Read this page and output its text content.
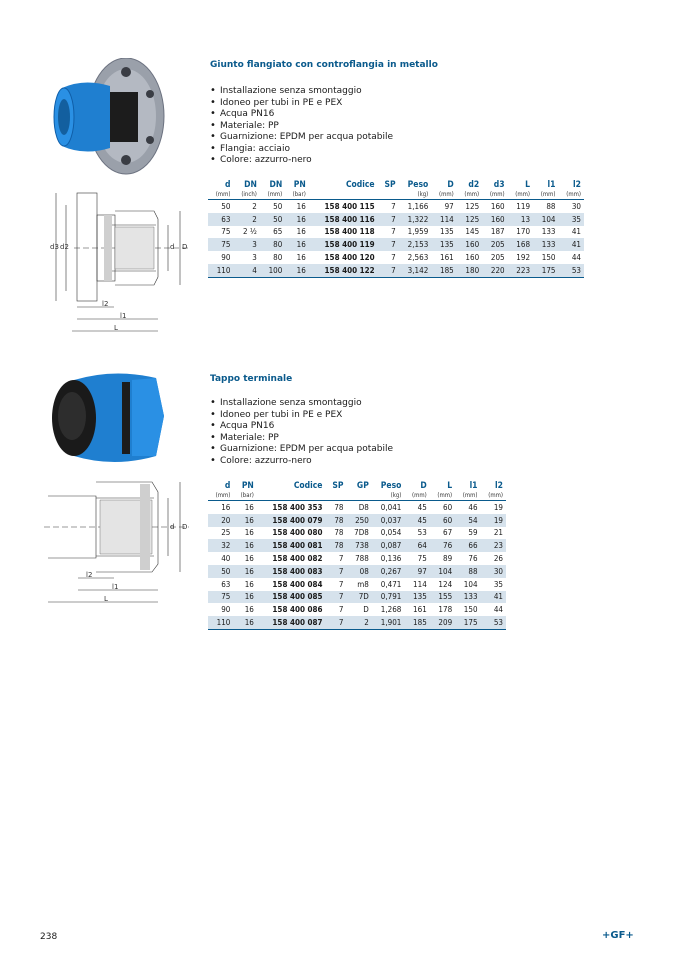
d3 d2	d D
l2
l1
L
Giunto flangiato con controflangia in metallo
• Installazione senza smontaggio
• Idoneo per tubi in PE e PEX
• Acqua PN16
• Materiale: PP
• Guarnizione: EPDM per acqua potabile
• Flangia: acciaio
• Colore: azzurro-nero
d	DN	DN	PN	Codice	SP	Peso	D	d2	d3	L	l1	l2
(mm)	(inch)	(mm)	(bar)			(kg)	(mm)	(mm)	(mm)	(mm)	(mm)	(mm)
50	2	50	16	158 400 115	7	1,166	97	125	160	119	88	30
63	2	50	16	158 400 116	7	1,322	114	125	160	13	104	35
75	2 ½	65	16	158 400 118	7	1,959	135	145	187	170	133	41
75	3	80	16	158 400 119	7	2,153	135	160	205	168	133	41
90	3	80	16	158 400 120	7	2,563	161	160	205	192	150	44
110	4	100	16	158 400 122	7	3,142	185	180	220	223	175	53
d D
l2
l1
L
Tappo terminale
• Installazione senza smontaggio
• Idoneo per tubi in PE e PEX
• Acqua PN16
• Materiale: PP
• Guarnizione: EPDM per acqua potabile
• Colore: azzurro-nero
d	PN	Codice	SP	GP	Peso	D	L	l1	l2
(mm)	(bar)				(kg)	(mm)	(mm)	(mm)	(mm)
16	16	158 400 353	78	D8	0,041	45	60	46	19
20	16	158 400 079	78	250	0,037	45	60	54	19
25	16	158 400 080	78	7D8	0,054	53	67	59	21
32	16	158 400 081	78	738	0,087	64	76	66	23
40	16	158 400 082	7	788	0,136	75	89	76	26
50	16	158 400 083	7	08	0,267	97	104	88	30
63	16	158 400 084	7	m8	0,471	114	124	104	35
75	16	158 400 085	7	7D	0,791	135	155	133	41
90	16	158 400 086	7	D	1,268	161	178	150	44
110	16	158 400 087	7	2	1,901	185	209	175	53
238	+GF+
